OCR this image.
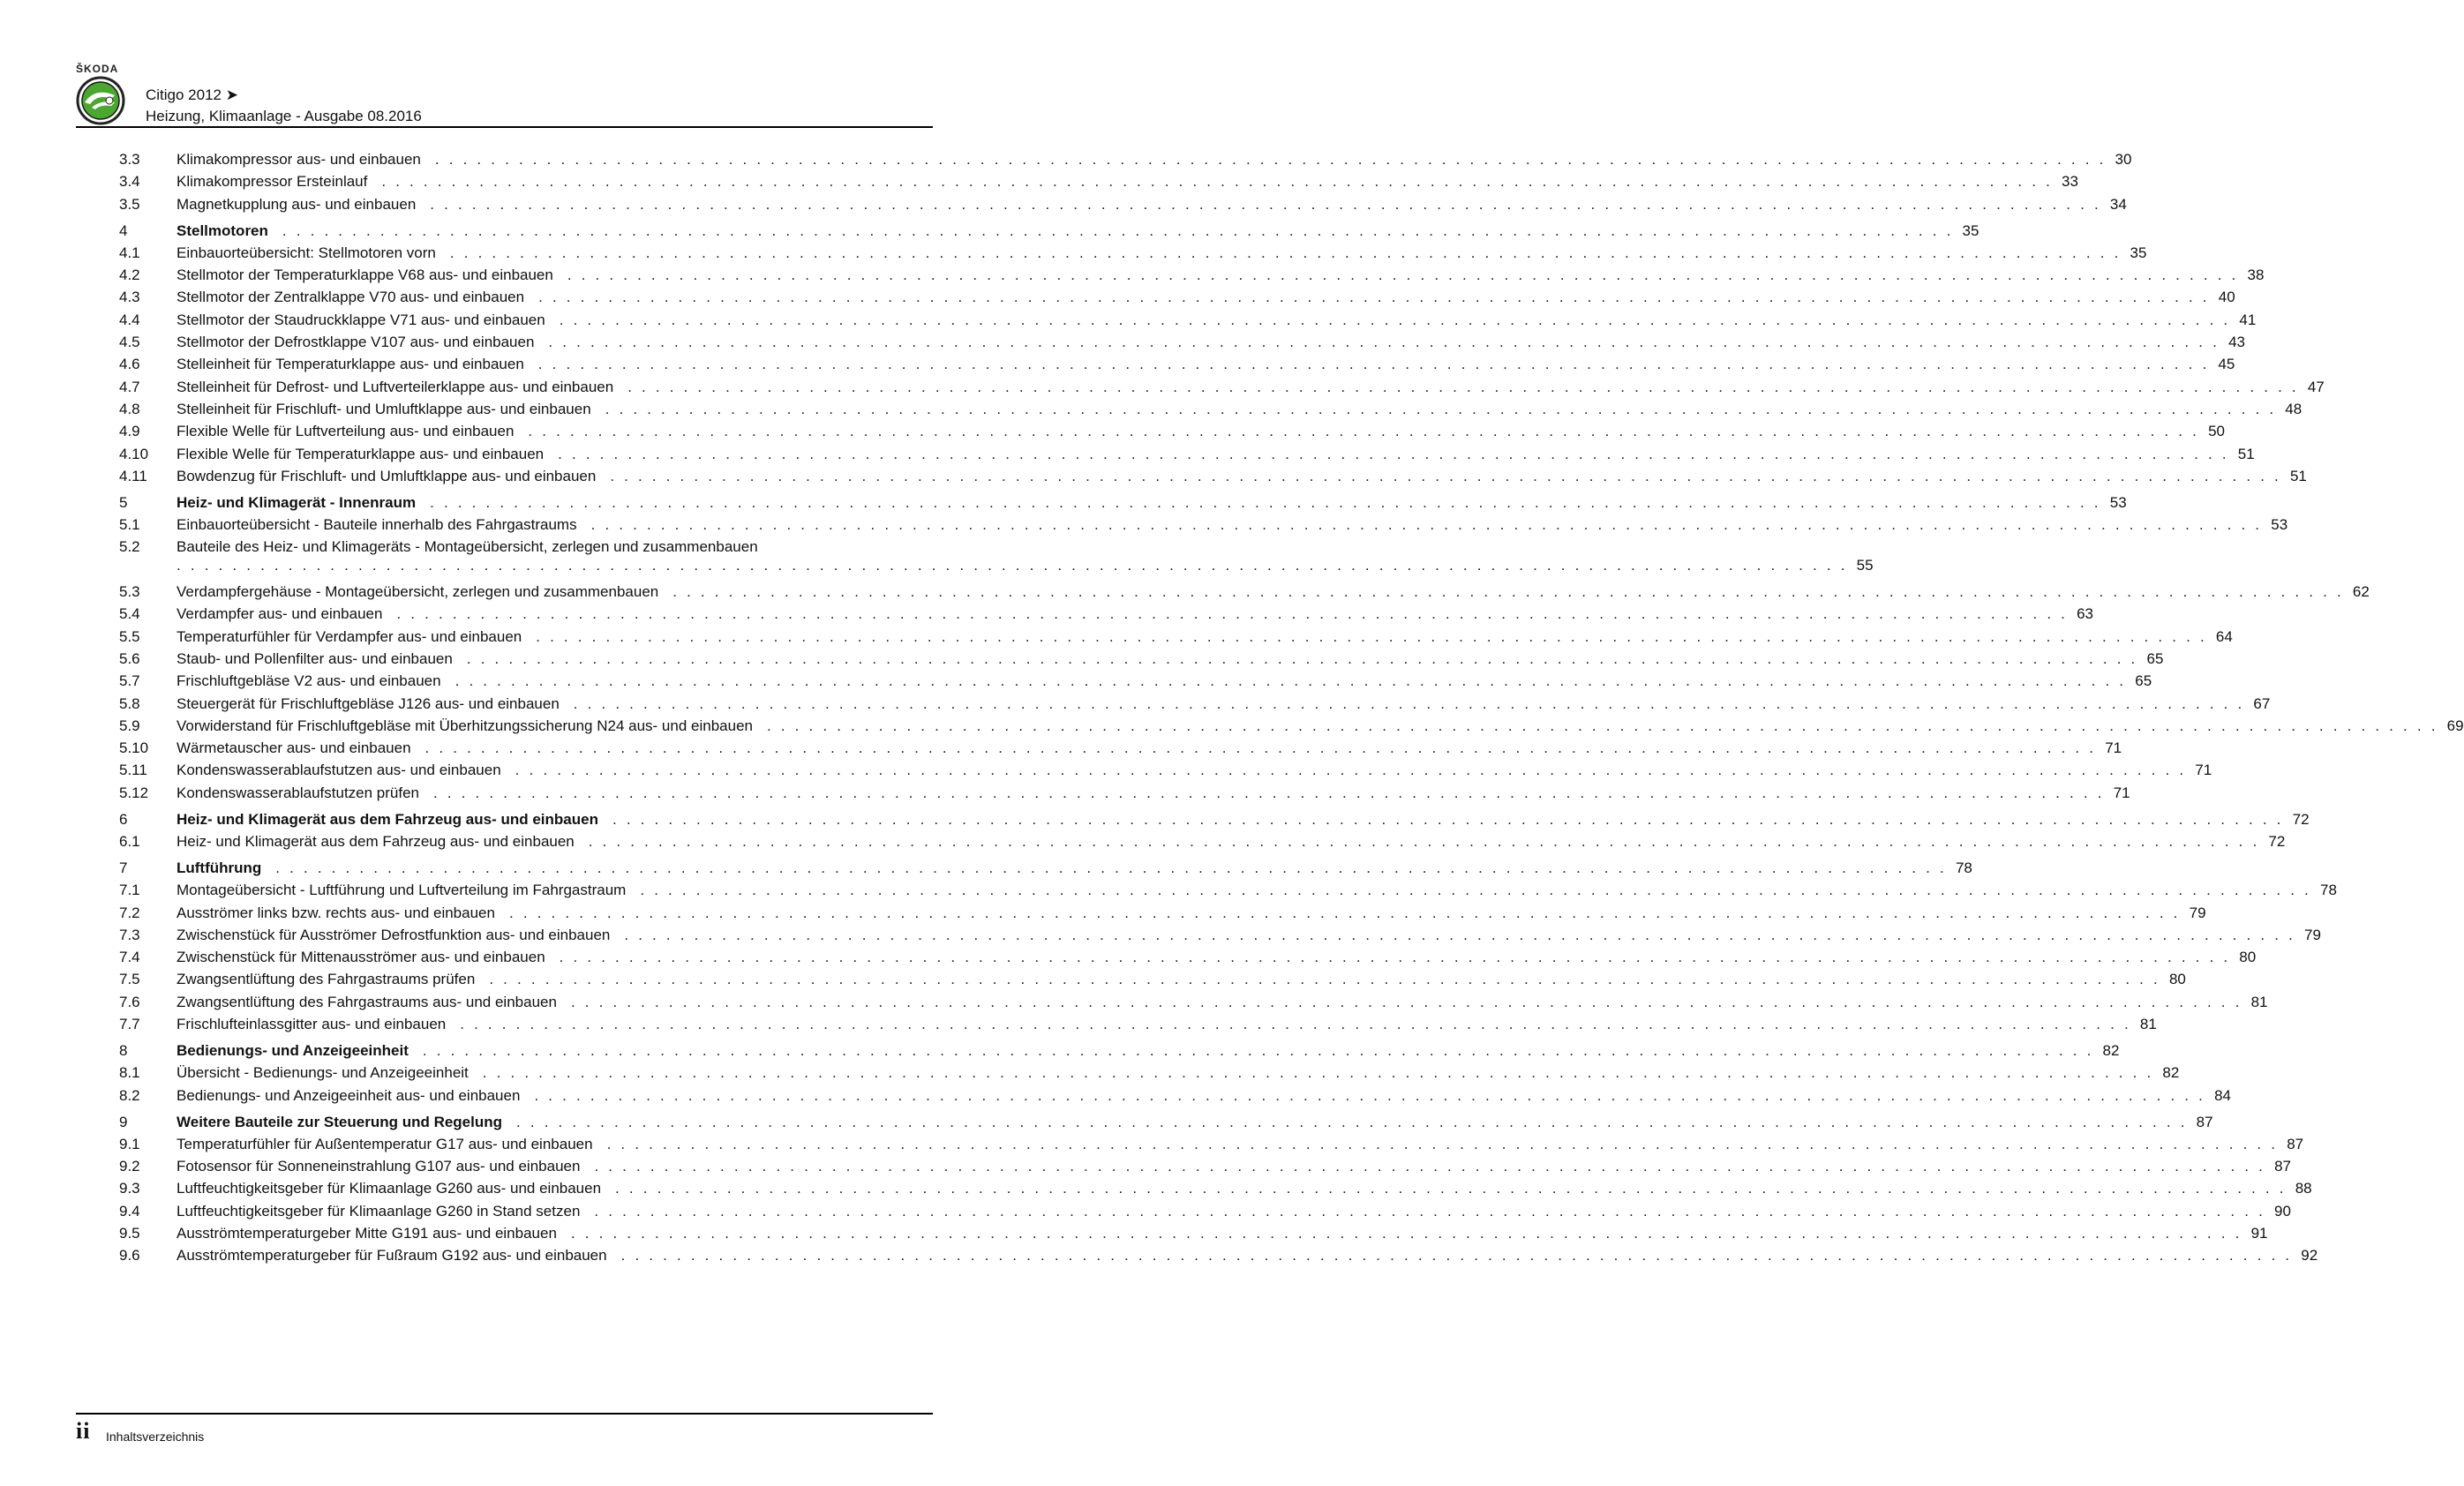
ŠKODA
Citigo 2012 ➤
Heizung, Klimaanlage - Ausgabe 08.2016
3.3 Klimakompressor aus- und einbauen . . . . . . . . . . . . . . . . . . . . . . . . . . . . . . . . . . . . . . . . . . . . . . . . . . . . . . . . . . . . . . . . . . . . . . . . . . . . . . . . . . . . . . . . . . . . . . . . . . . . . . . . . . . . . . . . . . . . . . . . 30
3.4 Klimakompressor Ersteinlauf . . . . . . . . . . . . . . . . . . . . . . . . . . . . . . . . . . . . . . . . . . . . . . . . . . . . . . . . . . . . . . . . . . . . . . . . . . . . . . . . . . . . . . . . . . . . . . . . . . . . . . . . . . . . . . . . . . . . . . . . 33
3.5 Magnetkupplung aus- und einbauen . . . . . . . . . . . . . . . . . . . . . . . . . . . . . . . . . . . . . . . . . . . . . . . . . . . . . . . . . . . . . . . . . . . . . . . . . . . . . . . . . . . . . . . . . . . . . . . . . . . . . . . . . . . . . . . . . . . . . . . . 34
4	Stellmotoren . . . . . . . . . . . . . . . . . . . . . . . . . . . . . . . . . . . . . . . . . . . . . . . . . . . . . . . . . . . . . . . . . . . . . . . . . . . . . . . . . . . . . . . . . . . . . . . . . . . . . . . . . . . . . . . . . . . . . . . . 35
4.1 Einbauorteübersicht: Stellmotoren vorn . . . . . . . . . . . . . . . . . . . . . . . . . . . . . . . . . . . . . . . . . . . . . . . . . . . . . . . . . . . . . . . . . . . . . . . . . . . . . . . . . . . . . . . . . . . . . . . . . . . . . . . . . . . . . . . . . . . . . . . . 35
4.2 Stellmotor der Temperaturklappe V68 aus- und einbauen . . . . . . . . . . . . . . . . . . . . . . . . . . . . . . . . . . . . . . . . . . . . . . . . . . . . . . . . . . . . . . . . . . . . . . . . . . . . . . . . . . . . . . . . . . . . . . . . . . . . . . . . . . . . . . . . . . . . . . . . 38
4.3 Stellmotor der Zentralklappe V70 aus- und einbauen . . . . . . . . . . . . . . . . . . . . . . . . . . . . . . . . . . . . . . . . . . . . . . . . . . . . . . . . . . . . . . . . . . . . . . . . . . . . . . . . . . . . . . . . . . . . . . . . . . . . . . . . . . . . . . . . . . . . . . . . 40
4.4 Stellmotor der Staudruckklappe V71 aus- und einbauen . . . . . . . . . . . . . . . . . . . . . . . . . . . . . . . . . . . . . . . . . . . . . . . . . . . . . . . . . . . . . . . . . . . . . . . . . . . . . . . . . . . . . . . . . . . . . . . . . . . . . . . . . . . . . . . . . . . . . . . . 41
4.5 Stellmotor der Defrostklappe V107 aus- und einbauen . . . . . . . . . . . . . . . . . . . . . . . . . . . . . . . . . . . . . . . . . . . . . . . . . . . . . . . . . . . . . . . . . . . . . . . . . . . . . . . . . . . . . . . . . . . . . . . . . . . . . . . . . . . . . . . . . . . . . . . . 43
4.6 Stelleinheit für Temperaturklappe aus- und einbauen . . . . . . . . . . . . . . . . . . . . . . . . . . . . . . . . . . . . . . . . . . . . . . . . . . . . . . . . . . . . . . . . . . . . . . . . . . . . . . . . . . . . . . . . . . . . . . . . . . . . . . . . . . . . . . . . . . . . . . . . 45
4.7 Stelleinheit für Defrost- und Luftverteilerklappe aus- und einbauen . . . . . . . . . . . . . . . . . . . . . . . . . . . . . . . . . . . . . . . . . . . . . . . . . . . . . . . . . . . . . . . . . . . . . . . . . . . . . . . . . . . . . . . . . . . . . . . . . . . . . . . . . . . . . . . . . . . . . . . . 47
4.8 Stelleinheit für Frischluft- und Umluftklappe aus- und einbauen . . . . . . . . . . . . . . . . . . . . . . . . . . . . . . . . . . . . . . . . . . . . . . . . . . . . . . . . . . . . . . . . . . . . . . . . . . . . . . . . . . . . . . . . . . . . . . . . . . . . . . . . . . . . . . . . . . . . . . . . 48
4.9 Flexible Welle für Luftverteilung aus- und einbauen . . . . . . . . . . . . . . . . . . . . . . . . . . . . . . . . . . . . . . . . . . . . . . . . . . . . . . . . . . . . . . . . . . . . . . . . . . . . . . . . . . . . . . . . . . . . . . . . . . . . . . . . . . . . . . . . . . . . . . . . 50
4.10 Flexible Welle für Temperaturklappe aus- und einbauen . . . . . . . . . . . . . . . . . . . . . . . . . . . . . . . . . . . . . . . . . . . . . . . . . . . . . . . . . . . . . . . . . . . . . . . . . . . . . . . . . . . . . . . . . . . . . . . . . . . . . . . . . . . . . . . . . . . . . . . . 51
4.11 Bowdenzug für Frischluft- und Umluftklappe aus- und einbauen . . . . . . . . . . . . . . . . . . . . . . . . . . . . . . . . . . . . . . . . . . . . . . . . . . . . . . . . . . . . . . . . . . . . . . . . . . . . . . . . . . . . . . . . . . . . . . . . . . . . . . . . . . . . . . . . . . . . . . . . 51
5	Heiz- und Klimagerät - Innenraum . . . . . . . . . . . . . . . . . . . . . . . . . . . . . . . . . . . . . . . . . . . . . . . . . . . . . . . . . . . . . . . . . . . . . . . . . . . . . . . . . . . . . . . . . . . . . . . . . . . . . . . . . . . . . . . . . . . . . . . . 53
5.1 Einbauorteübersicht - Bauteile innerhalb des Fahrgastraums . . . . . . . . . . . . . . . . . . . . . . . . . . . . . . . . . . . . . . . . . . . . . . . . . . . . . . . . . . . . . . . . . . . . . . . . . . . . . . . . . . . . . . . . . . . . . . . . . . . . . . . . . . . . . . . . . . . . . . . . 53
5.2 Bauteile des Heiz- und Klimageräts - Montageübersicht, zerlegen und zusammenbauen
. . . . . . . . . . . . . . . . . . . . . . . . . . . . . . . . . . . . . . . . . . . . . . . . . . . . . . . . . . . . . . . . . . . . . . . . . . . . . . . . . . . . . . . . . . . . . . . . . . . . . . . . . . . . . . . . . . . . . . . . 55
5.3 Verdampfergehäuse - Montageübersicht, zerlegen und zusammenbauen . . . . . . . . . . . . . . . . . . . . . . . . . . . . . . . . . . . . . . . . . . . . . . . . . . . . . . . . . . . . . . . . . . . . . . . . . . . . . . . . . . . . . . . . . . . . . . . . . . . . . . . . . . . . . . . . . . . . . . . . 62
5.4 Verdampfer aus- und einbauen . . . . . . . . . . . . . . . . . . . . . . . . . . . . . . . . . . . . . . . . . . . . . . . . . . . . . . . . . . . . . . . . . . . . . . . . . . . . . . . . . . . . . . . . . . . . . . . . . . . . . . . . . . . . . . . . . . . . . . . . 63
5.5 Temperaturfühler für Verdampfer aus- und einbauen . . . . . . . . . . . . . . . . . . . . . . . . . . . . . . . . . . . . . . . . . . . . . . . . . . . . . . . . . . . . . . . . . . . . . . . . . . . . . . . . . . . . . . . . . . . . . . . . . . . . . . . . . . . . . . . . . . . . . . . . 64
5.6 Staub- und Pollenfilter aus- und einbauen . . . . . . . . . . . . . . . . . . . . . . . . . . . . . . . . . . . . . . . . . . . . . . . . . . . . . . . . . . . . . . . . . . . . . . . . . . . . . . . . . . . . . . . . . . . . . . . . . . . . . . . . . . . . . . . . . . . . . . . . 65
5.7 Frischluftgebläse V2 aus- und einbauen . . . . . . . . . . . . . . . . . . . . . . . . . . . . . . . . . . . . . . . . . . . . . . . . . . . . . . . . . . . . . . . . . . . . . . . . . . . . . . . . . . . . . . . . . . . . . . . . . . . . . . . . . . . . . . . . . . . . . . . . 65
5.8 Steuergerät für Frischluftgebläse J126 aus- und einbauen . . . . . . . . . . . . . . . . . . . . . . . . . . . . . . . . . . . . . . . . . . . . . . . . . . . . . . . . . . . . . . . . . . . . . . . . . . . . . . . . . . . . . . . . . . . . . . . . . . . . . . . . . . . . . . . . . . . . . . . . 67
5.9 Vorwiderstand für Frischluftgebläse mit Überhitzungssicherung N24 aus- und einbauen . . . . . . . . . . . . . . . . . . . . . . . . . . . . . . . . . . . . . . . . . . . . . . . . . . . . . . . . . . . . . . . . . . . . . . . . . . . . . . . . . . . . . . . . . . . . . . . . . . . . . . . . . . . . . . . . . . . . . . . . 69
5.10 Wärmetauscher aus- und einbauen . . . . . . . . . . . . . . . . . . . . . . . . . . . . . . . . . . . . . . . . . . . . . . . . . . . . . . . . . . . . . . . . . . . . . . . . . . . . . . . . . . . . . . . . . . . . . . . . . . . . . . . . . . . . . . . . . . . . . . . . 71
5.11 Kondenswasserablaufstutzen aus- und einbauen . . . . . . . . . . . . . . . . . . . . . . . . . . . . . . . . . . . . . . . . . . . . . . . . . . . . . . . . . . . . . . . . . . . . . . . . . . . . . . . . . . . . . . . . . . . . . . . . . . . . . . . . . . . . . . . . . . . . . . . . 71
5.12 Kondenswasserablaufstutzen prüfen . . . . . . . . . . . . . . . . . . . . . . . . . . . . . . . . . . . . . . . . . . . . . . . . . . . . . . . . . . . . . . . . . . . . . . . . . . . . . . . . . . . . . . . . . . . . . . . . . . . . . . . . . . . . . . . . . . . . . . . . 71
6	Heiz- und Klimagerät aus dem Fahrzeug aus- und einbauen . . . . . . . . . . . . . . . . . . . . . . . . . . . . . . . . . . . . . . . . . . . . . . . . . . . . . . . . . . . . . . . . . . . . . . . . . . . . . . . . . . . . . . . . . . . . . . . . . . . . . . . . . . . . . . . . . . . . . . . . 72
6.1 Heiz- und Klimagerät aus dem Fahrzeug aus- und einbauen . . . . . . . . . . . . . . . . . . . . . . . . . . . . . . . . . . . . . . . . . . . . . . . . . . . . . . . . . . . . . . . . . . . . . . . . . . . . . . . . . . . . . . . . . . . . . . . . . . . . . . . . . . . . . . . . . . . . . . . . 72
7	Luftführung . . . . . . . . . . . . . . . . . . . . . . . . . . . . . . . . . . . . . . . . . . . . . . . . . . . . . . . . . . . . . . . . . . . . . . . . . . . . . . . . . . . . . . . . . . . . . . . . . . . . . . . . . . . . . . . . . . . . . . . . 78
7.1 Montageübersicht - Luftführung und Luftverteilung im Fahrgastraum . . . . . . . . . . . . . . . . . . . . . . . . . . . . . . . . . . . . . . . . . . . . . . . . . . . . . . . . . . . . . . . . . . . . . . . . . . . . . . . . . . . . . . . . . . . . . . . . . . . . . . . . . . . . . . . . . . . . . . . . 78
7.2 Ausströmer links bzw. rechts aus- und einbauen . . . . . . . . . . . . . . . . . . . . . . . . . . . . . . . . . . . . . . . . . . . . . . . . . . . . . . . . . . . . . . . . . . . . . . . . . . . . . . . . . . . . . . . . . . . . . . . . . . . . . . . . . . . . . . . . . . . . . . . . 79
7.3 Zwischenstück für Ausströmer Defrostfunktion aus- und einbauen . . . . . . . . . . . . . . . . . . . . . . . . . . . . . . . . . . . . . . . . . . . . . . . . . . . . . . . . . . . . . . . . . . . . . . . . . . . . . . . . . . . . . . . . . . . . . . . . . . . . . . . . . . . . . . . . . . . . . . . . 79
7.4 Zwischenstück für Mittenausströmer aus- und einbauen . . . . . . . . . . . . . . . . . . . . . . . . . . . . . . . . . . . . . . . . . . . . . . . . . . . . . . . . . . . . . . . . . . . . . . . . . . . . . . . . . . . . . . . . . . . . . . . . . . . . . . . . . . . . . . . . . . . . . . . . 80
7.5 Zwangsentlüftung des Fahrgastraums prüfen . . . . . . . . . . . . . . . . . . . . . . . . . . . . . . . . . . . . . . . . . . . . . . . . . . . . . . . . . . . . . . . . . . . . . . . . . . . . . . . . . . . . . . . . . . . . . . . . . . . . . . . . . . . . . . . . . . . . . . . . 80
7.6 Zwangsentlüftung des Fahrgastraums aus- und einbauen . . . . . . . . . . . . . . . . . . . . . . . . . . . . . . . . . . . . . . . . . . . . . . . . . . . . . . . . . . . . . . . . . . . . . . . . . . . . . . . . . . . . . . . . . . . . . . . . . . . . . . . . . . . . . . . . . . . . . . . . 81
7.7 Frischlufteinlassgitter aus- und einbauen . . . . . . . . . . . . . . . . . . . . . . . . . . . . . . . . . . . . . . . . . . . . . . . . . . . . . . . . . . . . . . . . . . . . . . . . . . . . . . . . . . . . . . . . . . . . . . . . . . . . . . . . . . . . . . . . . . . . . . . . 81
8	Bedienungs- und Anzeigeeinheit . . . . . . . . . . . . . . . . . . . . . . . . . . . . . . . . . . . . . . . . . . . . . . . . . . . . . . . . . . . . . . . . . . . . . . . . . . . . . . . . . . . . . . . . . . . . . . . . . . . . . . . . . . . . . . . . . . . . . . . . 82
8.1 Übersicht - Bedienungs- und Anzeigeeinheit . . . . . . . . . . . . . . . . . . . . . . . . . . . . . . . . . . . . . . . . . . . . . . . . . . . . . . . . . . . . . . . . . . . . . . . . . . . . . . . . . . . . . . . . . . . . . . . . . . . . . . . . . . . . . . . . . . . . . . . . 82
8.2 Bedienungs- und Anzeigeeinheit aus- und einbauen . . . . . . . . . . . . . . . . . . . . . . . . . . . . . . . . . . . . . . . . . . . . . . . . . . . . . . . . . . . . . . . . . . . . . . . . . . . . . . . . . . . . . . . . . . . . . . . . . . . . . . . . . . . . . . . . . . . . . . . . 84
9	Weitere Bauteile zur Steuerung und Regelung . . . . . . . . . . . . . . . . . . . . . . . . . . . . . . . . . . . . . . . . . . . . . . . . . . . . . . . . . . . . . . . . . . . . . . . . . . . . . . . . . . . . . . . . . . . . . . . . . . . . . . . . . . . . . . . . . . . . . . . . 87
9.1 Temperaturfühler für Außentemperatur G17 aus- und einbauen . . . . . . . . . . . . . . . . . . . . . . . . . . . . . . . . . . . . . . . . . . . . . . . . . . . . . . . . . . . . . . . . . . . . . . . . . . . . . . . . . . . . . . . . . . . . . . . . . . . . . . . . . . . . . . . . . . . . . . . . 87
9.2 Fotosensor für Sonneneinstrahlung G107 aus- und einbauen . . . . . . . . . . . . . . . . . . . . . . . . . . . . . . . . . . . . . . . . . . . . . . . . . . . . . . . . . . . . . . . . . . . . . . . . . . . . . . . . . . . . . . . . . . . . . . . . . . . . . . . . . . . . . . . . . . . . . . . . 87
9.3 Luftfeuchtigkeitsgeber für Klimaanlage G260 aus- und einbauen . . . . . . . . . . . . . . . . . . . . . . . . . . . . . . . . . . . . . . . . . . . . . . . . . . . . . . . . . . . . . . . . . . . . . . . . . . . . . . . . . . . . . . . . . . . . . . . . . . . . . . . . . . . . . . . . . . . . . . . . 88
9.4 Luftfeuchtigkeitsgeber für Klimaanlage G260 in Stand setzen . . . . . . . . . . . . . . . . . . . . . . . . . . . . . . . . . . . . . . . . . . . . . . . . . . . . . . . . . . . . . . . . . . . . . . . . . . . . . . . . . . . . . . . . . . . . . . . . . . . . . . . . . . . . . . . . . . . . . . . . 90
9.5 Ausströmtemperaturgeber Mitte G191 aus- und einbauen . . . . . . . . . . . . . . . . . . . . . . . . . . . . . . . . . . . . . . . . . . . . . . . . . . . . . . . . . . . . . . . . . . . . . . . . . . . . . . . . . . . . . . . . . . . . . . . . . . . . . . . . . . . . . . . . . . . . . . . . 91
9.6 Ausströmtemperaturgeber für Fußraum G192 aus- und einbauen . . . . . . . . . . . . . . . . . . . . . . . . . . . . . . . . . . . . . . . . . . . . . . . . . . . . . . . . . . . . . . . . . . . . . . . . . . . . . . . . . . . . . . . . . . . . . . . . . . . . . . . . . . . . . . . . . . . . . . . . 92
ii Inhaltsverzeichnis
